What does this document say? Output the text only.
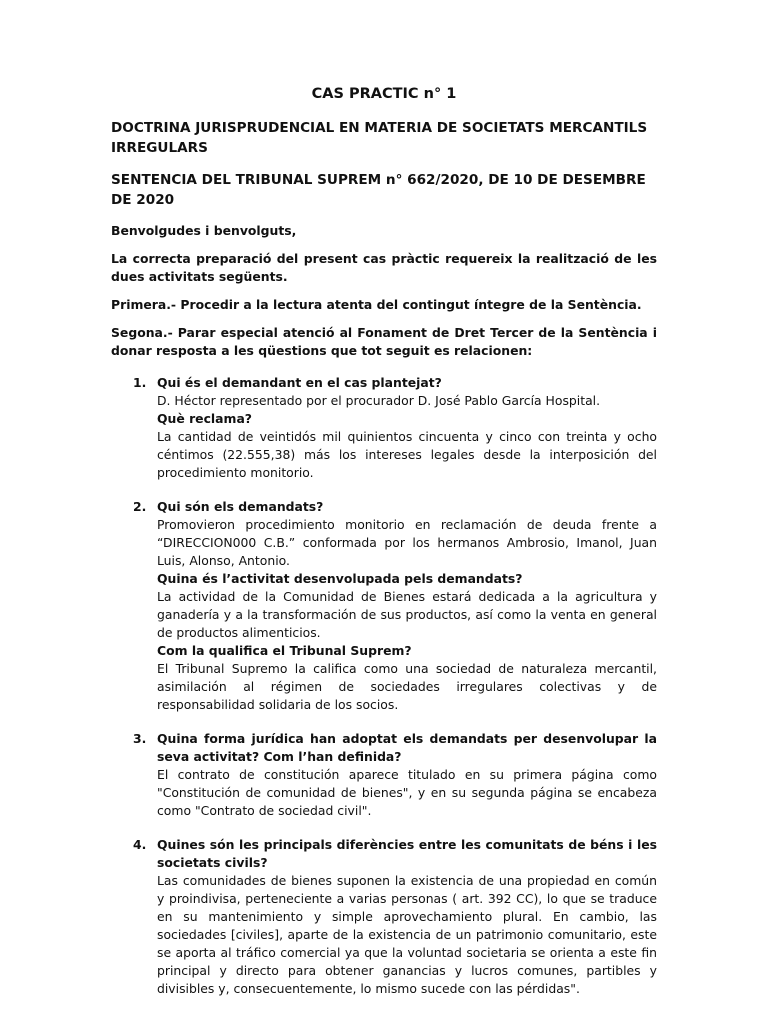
CAS PRACTIC n° 1
DOCTRINA JURISPRUDENCIAL EN MATERIA DE SOCIETATS MERCANTILS IRREGULARS
SENTENCIA DEL TRIBUNAL SUPREM n° 662/2020, DE 10 DE DESEMBRE DE 2020

Benvolgudes i benvolguts,

La correcta preparació del present cas pràctic requereix la realització de les dues activitats següents.

Primera.- Procedir a la lectura atenta del contingut íntegre de la Sentència.

Segona.- Parar especial atenció al Fonament de Dret Tercer de la Sentència i donar resposta a les qüestions que tot seguit es relacionen:

1. Qui és el demandant en el cas plantejat?
D. Héctor representado por el procurador D. José Pablo García Hospital.
Què reclama?
La cantidad de veintidós mil quinientos cincuenta y cinco con treinta y ocho céntimos (22.555,38) más los intereses legales desde la interposición del procedimiento monitorio.
2. Qui són els demandats?
Promovieron procedimiento monitorio en reclamación de deuda frente a “DIRECCION000 C.B.” conformada por los hermanos Ambrosio, Imanol, Juan Luis, Alonso, Antonio.
Quina és l’activitat desenvolupada pels demandats?
La actividad de la Comunidad de Bienes estará dedicada a la agricultura y ganadería y a la transformación de sus productos, así como la venta en general de productos alimenticios.
Com la qualifica el Tribunal Suprem?
El Tribunal Supremo la califica como una sociedad de naturaleza mercantil, asimilación al régimen de sociedades irregulares colectivas y de responsabilidad solidaria de los socios.
3. Quina forma jurídica han adoptat els demandats per desenvolupar la seva activitat? Com l’han definida?
El contrato de constitución aparece titulado en su primera página como "Constitución de comunidad de bienes", y en su segunda página se encabeza como "Contrato de sociedad civil".
4. Quines són les principals diferències entre les comunitats de béns i les societats civils?
Las comunidades de bienes suponen la existencia de una propiedad en común y proindivisa, perteneciente a varias personas ( art. 392 CC), lo que se traduce en su mantenimiento y simple aprovechamiento plural. En cambio, las sociedades [civiles], aparte de la existencia de un patrimonio comunitario, este se aporta al tráfico comercial ya que la voluntad societaria se orienta a este fin principal y directo para obtener ganancias y lucros comunes, partibles y divisibles y, consecuentemente, lo mismo sucede con las pérdidas".
